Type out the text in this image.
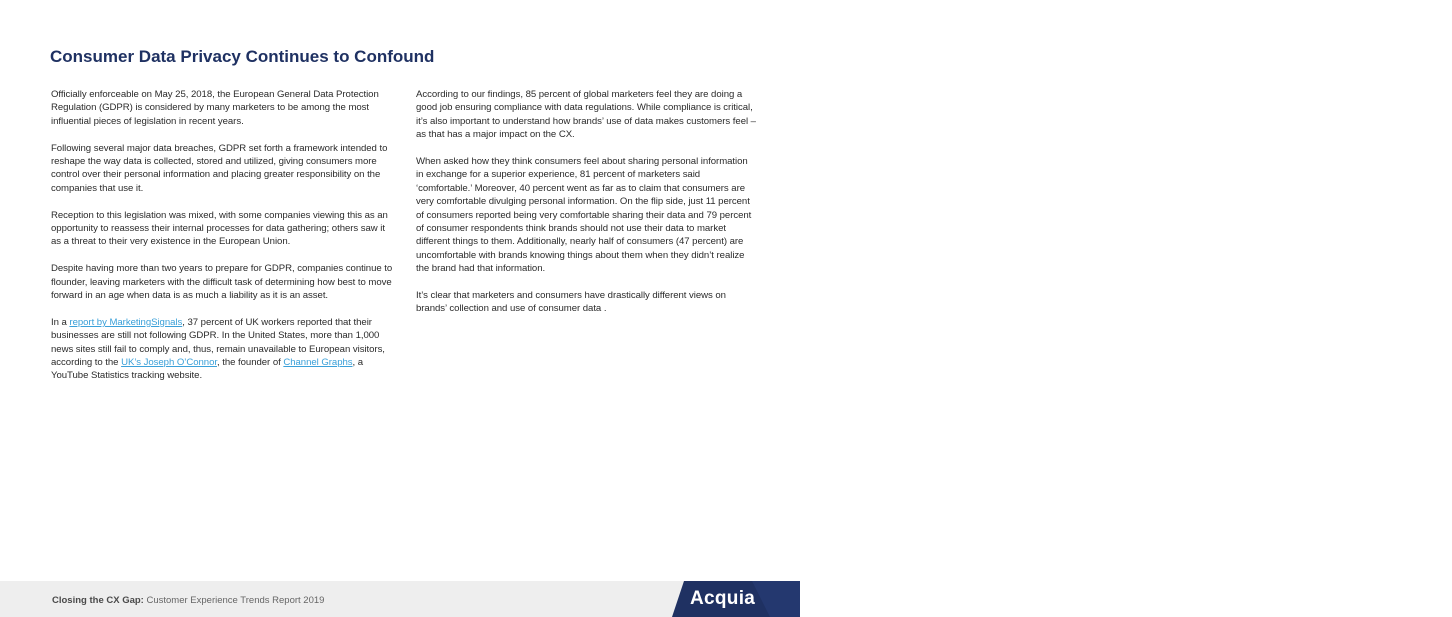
Consumer Data Privacy Continues to Confound

Officially enforceable on May 25, 2018, the European General Data Protection Regulation (GDPR) is considered by many marketers to be among the most influential pieces of legislation in recent years.

Following several major data breaches, GDPR set forth a framework intended to reshape the way data is collected, stored and utilized, giving consumers more control over their personal information and placing greater responsibility on the companies that use it.

Reception to this legislation was mixed, with some companies viewing this as an opportunity to reassess their internal processes for data gathering; others saw it as a threat to their very existence in the European Union.

Despite having more than two years to prepare for GDPR, companies continue to flounder, leaving marketers with the difficult task of determining how best to move forward in an age when data is as much a liability as it is an asset.

In a report by MarketingSignals, 37 percent of UK workers reported that their businesses are still not following GDPR. In the United States, more than 1,000 news sites still fail to comply and, thus, remain unavailable to European visitors, according to the UK’s Joseph O’Connor, the founder of Channel Graphs, a YouTube Statistics tracking website.

According to our findings, 85 percent of global marketers feel they are doing a good job ensuring compliance with data regulations. While compliance is critical, it’s also important to understand how brands’ use of data makes customers feel – as that has a major impact on the CX.

When asked how they think consumers feel about sharing personal information in exchange for a superior experience, 81 percent of marketers said ‘comfortable.’ Moreover, 40 percent went as far as to claim that consumers are very comfortable divulging personal information. On the flip side, just 11 percent of consumers reported being very comfortable sharing their data and 79 percent of consumer respondents think brands should not use their data to market different things to them. Additionally, nearly half of consumers (47 percent) are uncomfortable with brands knowing things about them when they didn’t realize the brand had that information.

It’s clear that marketers and consumers have drastically different views on brands’ collection and use of consumer data .

Closing the CX Gap: Customer Experience Trends Report 2019	Acquia	12
